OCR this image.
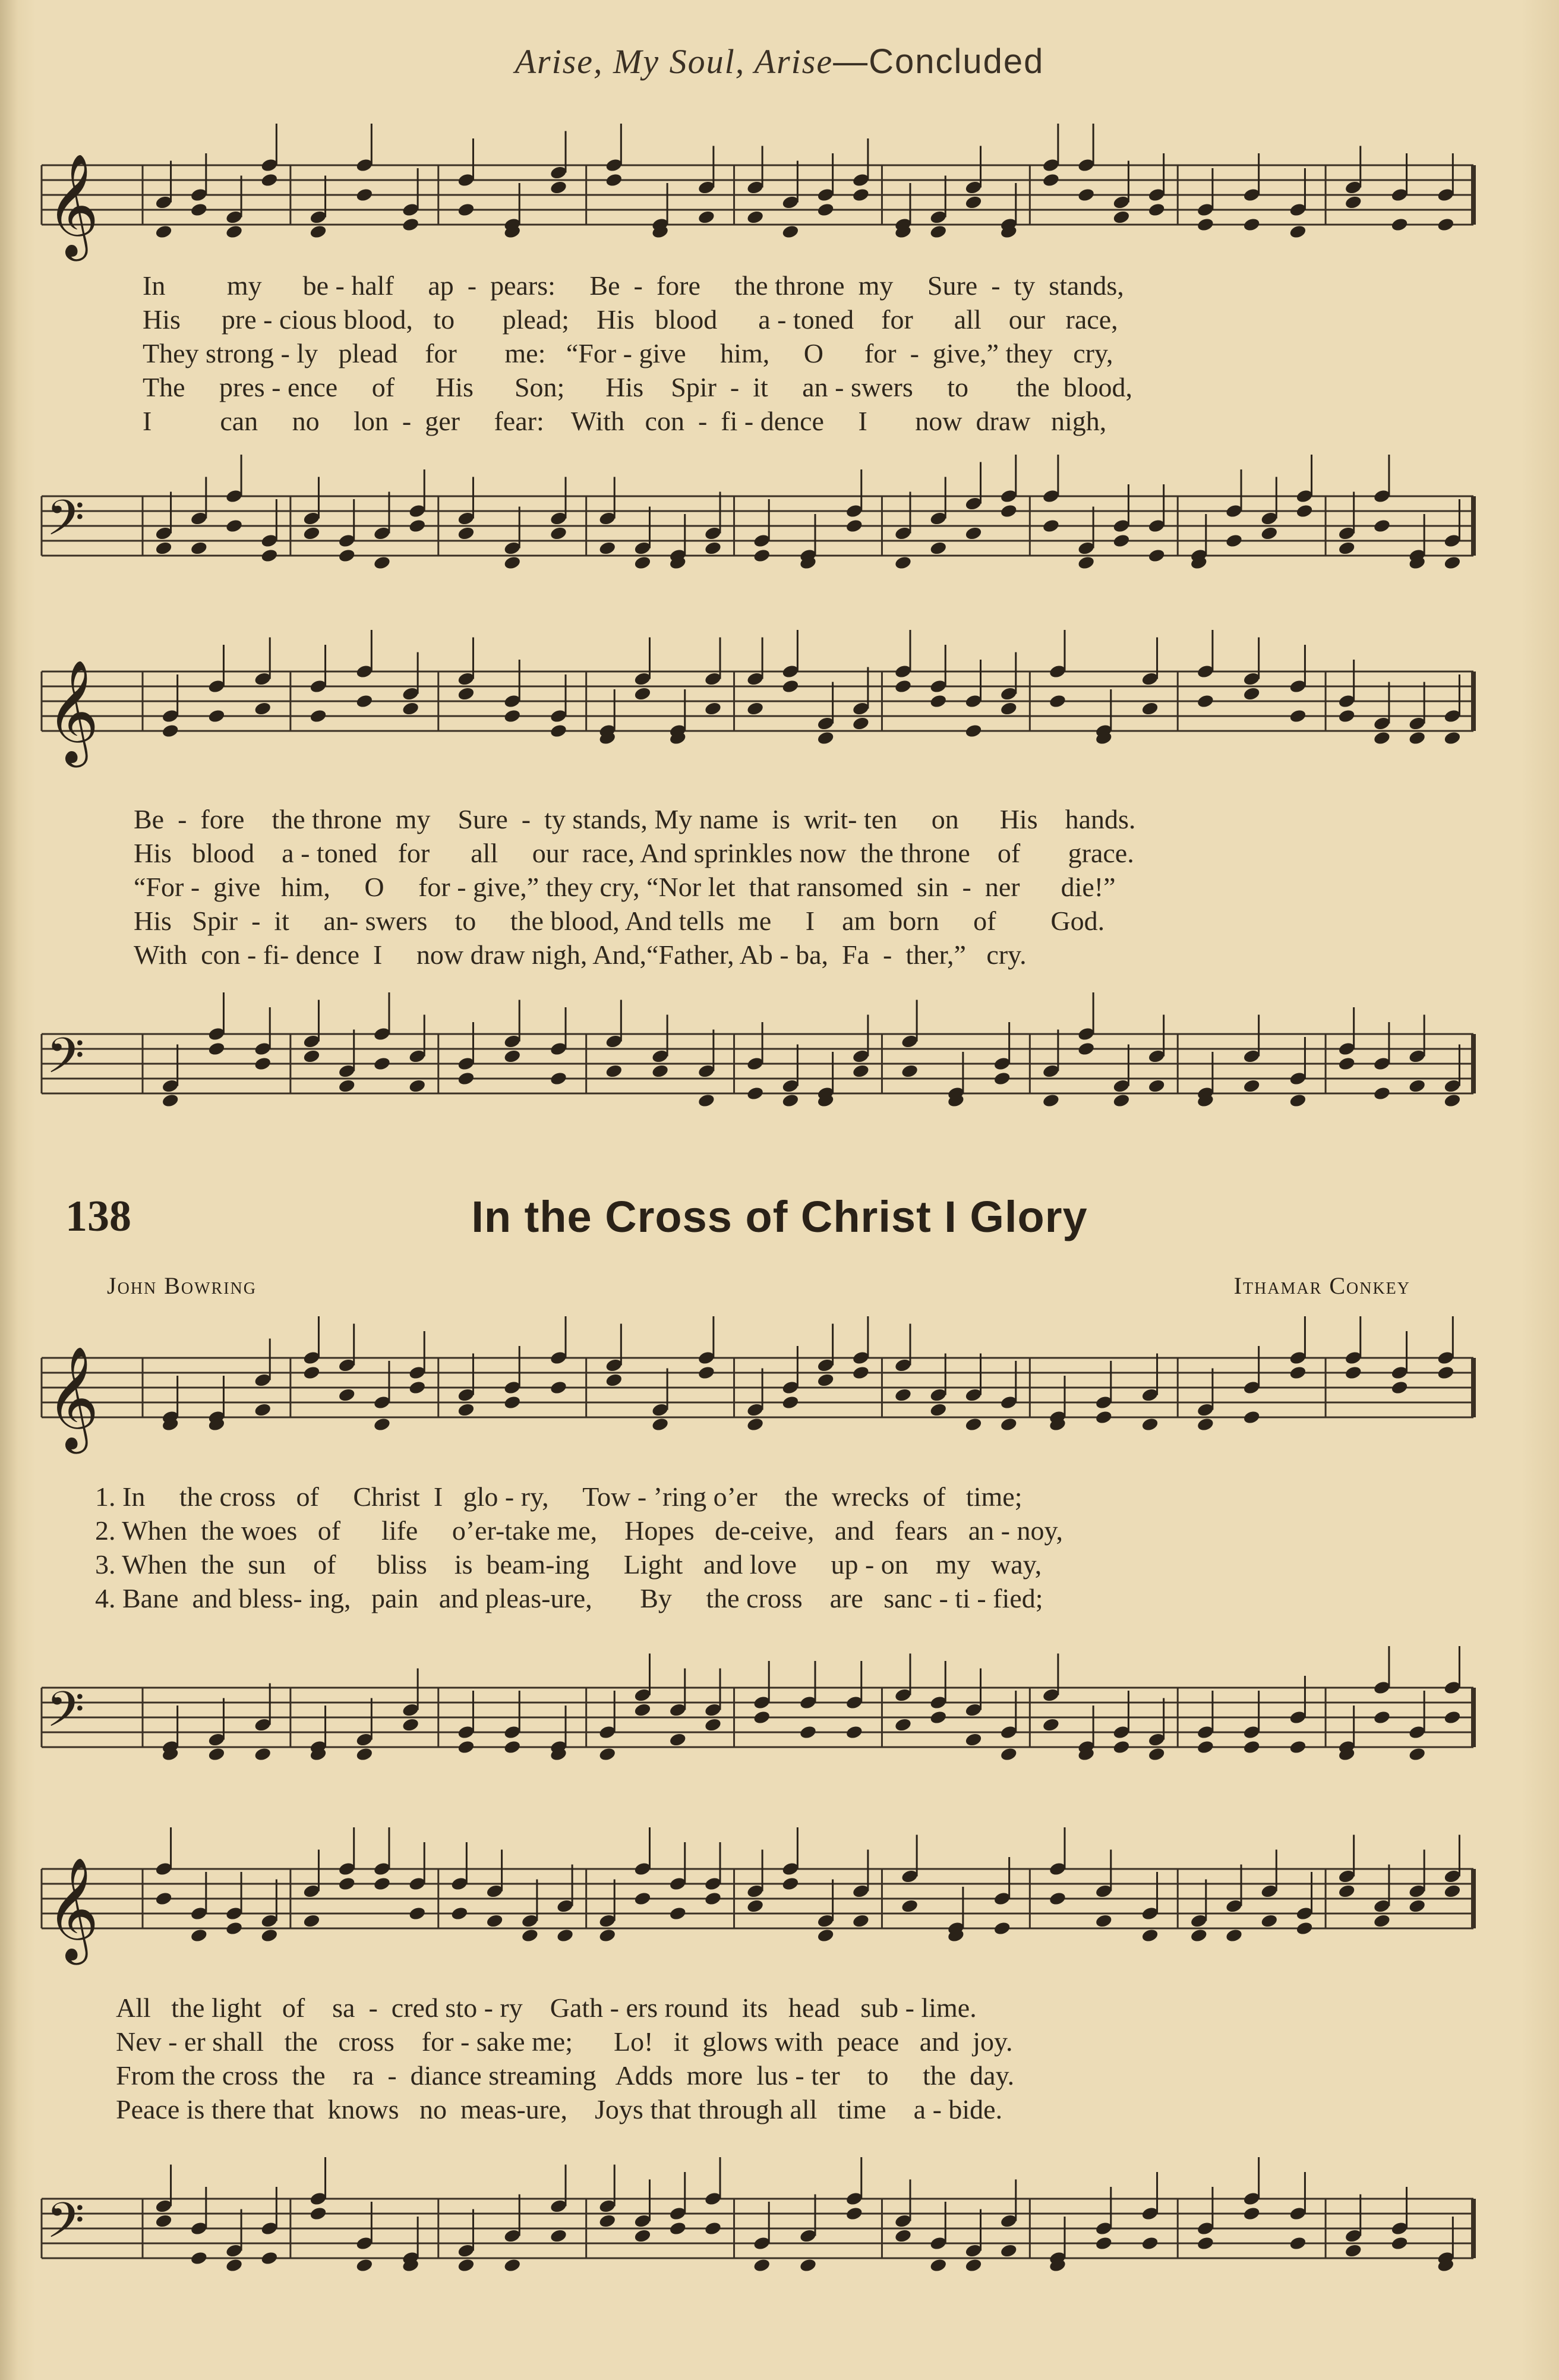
Arise, My Soul, Arise—Concluded
𝄞
In         my      be - half     ap  -  pears:     Be  -  fore     the throne  my     Sure  -  ty  stands,
His      pre - cious blood,   to       plead;    His   blood      a - toned    for      all    our   race,
They strong - ly   plead    for       me:   “For - give     him,     O      for  -  give,” they   cry,
The     pres - ence     of      His      Son;      His    Spir  -  it     an - swers     to       the  blood,
I          can     no     lon  -  ger     fear:    With   con  -  fi - dence     I       now  draw   nigh,
𝄢
𝄞
Be  -  fore    the throne  my    Sure  -  ty stands, My name  is  writ- ten     on      His    hands.
His   blood    a - toned   for      all     our  race, And sprinkles now  the throne    of       grace.
“For -  give   him,     O     for - give,” they cry, “Nor let  that ransomed  sin  -  ner      die!”
His   Spir  -  it     an- swers    to     the blood, And tells  me     I    am  born     of        God.
With  con - fi- dence  I     now draw nigh, And,“Father, Ab - ba,  Fa  -  ther,”   cry.
𝄢
138	In the Cross of Christ I Glory
John Bowring	Ithamar Conkey
𝄞
1. In     the cross   of     Christ  I   glo - ry,     Tow - ’ring o’er    the  wrecks  of   time;
2. When  the woes   of      life     o’er-take me,    Hopes   de-ceive,   and   fears   an - noy,
3. When  the  sun    of      bliss    is  beam-ing     Light   and love     up - on    my   way,
4. Bane  and bless- ing,   pain   and pleas-ure,       By     the cross    are   sanc - ti - fied;
𝄢
𝄞
All   the light   of    sa  -  cred sto - ry    Gath - ers round  its   head   sub - lime.
Nev - er shall   the   cross    for - sake me;      Lo!   it  glows with  peace   and  joy.
From the cross  the    ra  -  diance streaming   Adds  more  lus - ter    to     the  day.
Peace is there that  knows   no  meas-ure,    Joys that through all   time    a - bide.
𝄢
